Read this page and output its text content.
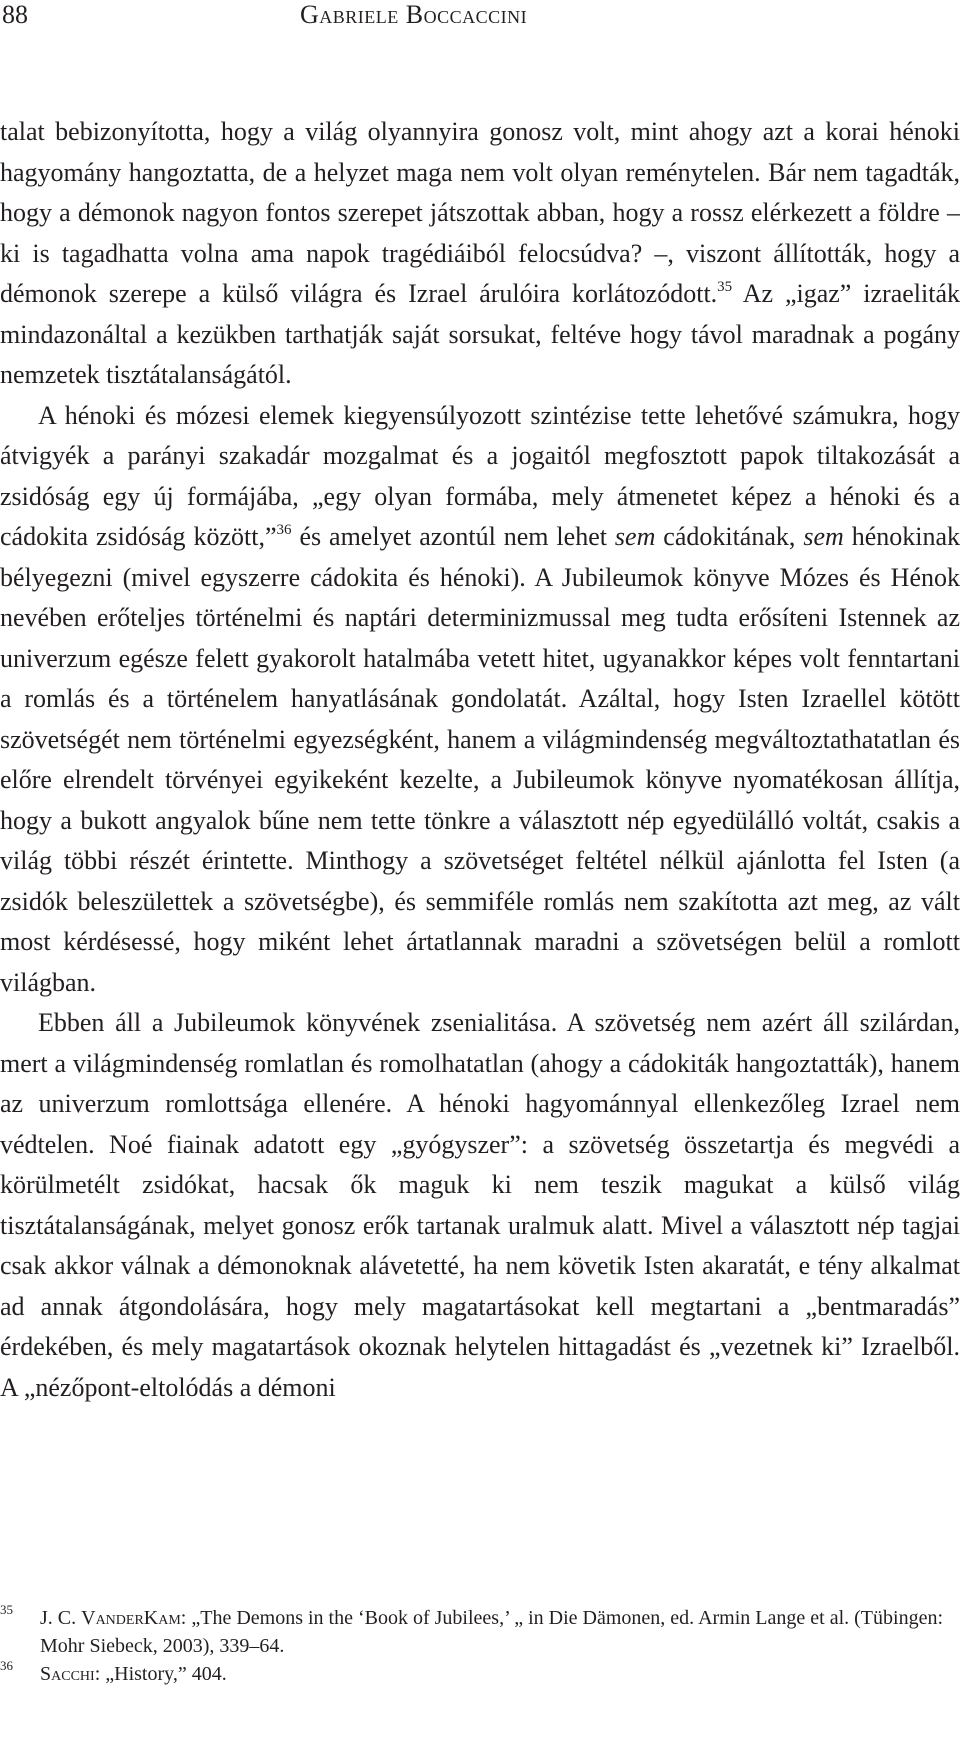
88	Gabriele Boccaccini

talat bebizonyította, hogy a világ olyannyira gonosz volt, mint ahogy azt a korai hénoki hagyomány hangoztatta, de a helyzet maga nem volt olyan reménytelen. Bár nem tagadták, hogy a démonok nagyon fontos szerepet játszottak abban, hogy a rossz elérkezett a földre – ki is tagadhatta volna ama napok tragédiáiból felocsúdva? –, viszont állították, hogy a démonok szerepe a külső világra és Izrael árulóira korlátozódott.$^{35}$ Az „igaz” izraeliták mindazonáltal a kezükben tarthatják saját sorsukat, feltéve hogy távol maradnak a pogány nemzetek tisztátalanságától.

A hénoki és mózesi elemek kiegyensúlyozott szintézise tette lehetővé számukra, hogy átvigyék a parányi szakadár mozgalmat és a jogaitól megfosztott papok tiltakozását a zsidóság egy új formájába, „egy olyan formába, mely átmenetet képez a hénoki és a cádokita zsidóság között,”$^{36}$ és amelyet azontúl nem lehet sem cádokitának, sem hénokinak bélyegezni (mivel egyszerre cádokita és hénoki). A Jubileumok könyve Mózes és Hénok nevében erőteljes történelmi és naptári determinizmussal meg tudta erősíteni Istennek az univerzum egésze felett gyakorolt hatalmába vetett hitet, ugyanakkor képes volt fenntartani a romlás és a történelem hanyatlásának gondolatát. Azáltal, hogy Isten Izraellel kötött szövetségét nem történelmi egyezségként, hanem a világmindenség megváltoztathatatlan és előre elrendelt törvényei egyikeként kezelte, a Jubileumok könyve nyomatékosan állítja, hogy a bukott angyalok bűne nem tette tönkre a választott nép egyedülálló voltát, csakis a világ többi részét érintette. Minthogy a szövetséget feltétel nélkül ajánlotta fel Isten (a zsidók beleszülettek a szövetségbe), és semmiféle romlás nem szakította azt meg, az vált most kérdésessé, hogy miként lehet ártatlannak maradni a szövetségen belül a romlott világban.

Ebben áll a Jubileumok könyvének zsenialitása. A szövetség nem azért áll szilárdan, mert a világmindenség romlatlan és romolhatatlan (ahogy a cádokiták hangoztatták), hanem az univerzum romlottsága ellenére. A hénoki hagyománnyal ellenkezőleg Izrael nem védtelen. Noé fiainak adatott egy „gyógyszer”: a szövetség összetartja és megvédi a körülmetélt zsidókat, hacsak ők maguk ki nem teszik magukat a külső világ tisztátalanságának, melyet gonosz erők tartanak uralmuk alatt. Mivel a választott nép tagjai csak akkor válnak a démonoknak alávetetté, ha nem követik Isten akaratát, e tény alkalmat ad annak átgondolására, hogy mely magatartásokat kell megtartani a „bentmaradás” érdekében, és mely magatartások okoznak helytelen hittagadást és „vezetnek ki” Izraelből. A „nézőpont-eltolódás a démoni

35 J. C. VanderKam: „The Demons in the ‘Book of Jubilees,’ „ in Die Dämonen, ed. Armin Lange et al. (Tübingen: Mohr Siebeck, 2003), 339–64.
36 Sacchi: „History,” 404.
